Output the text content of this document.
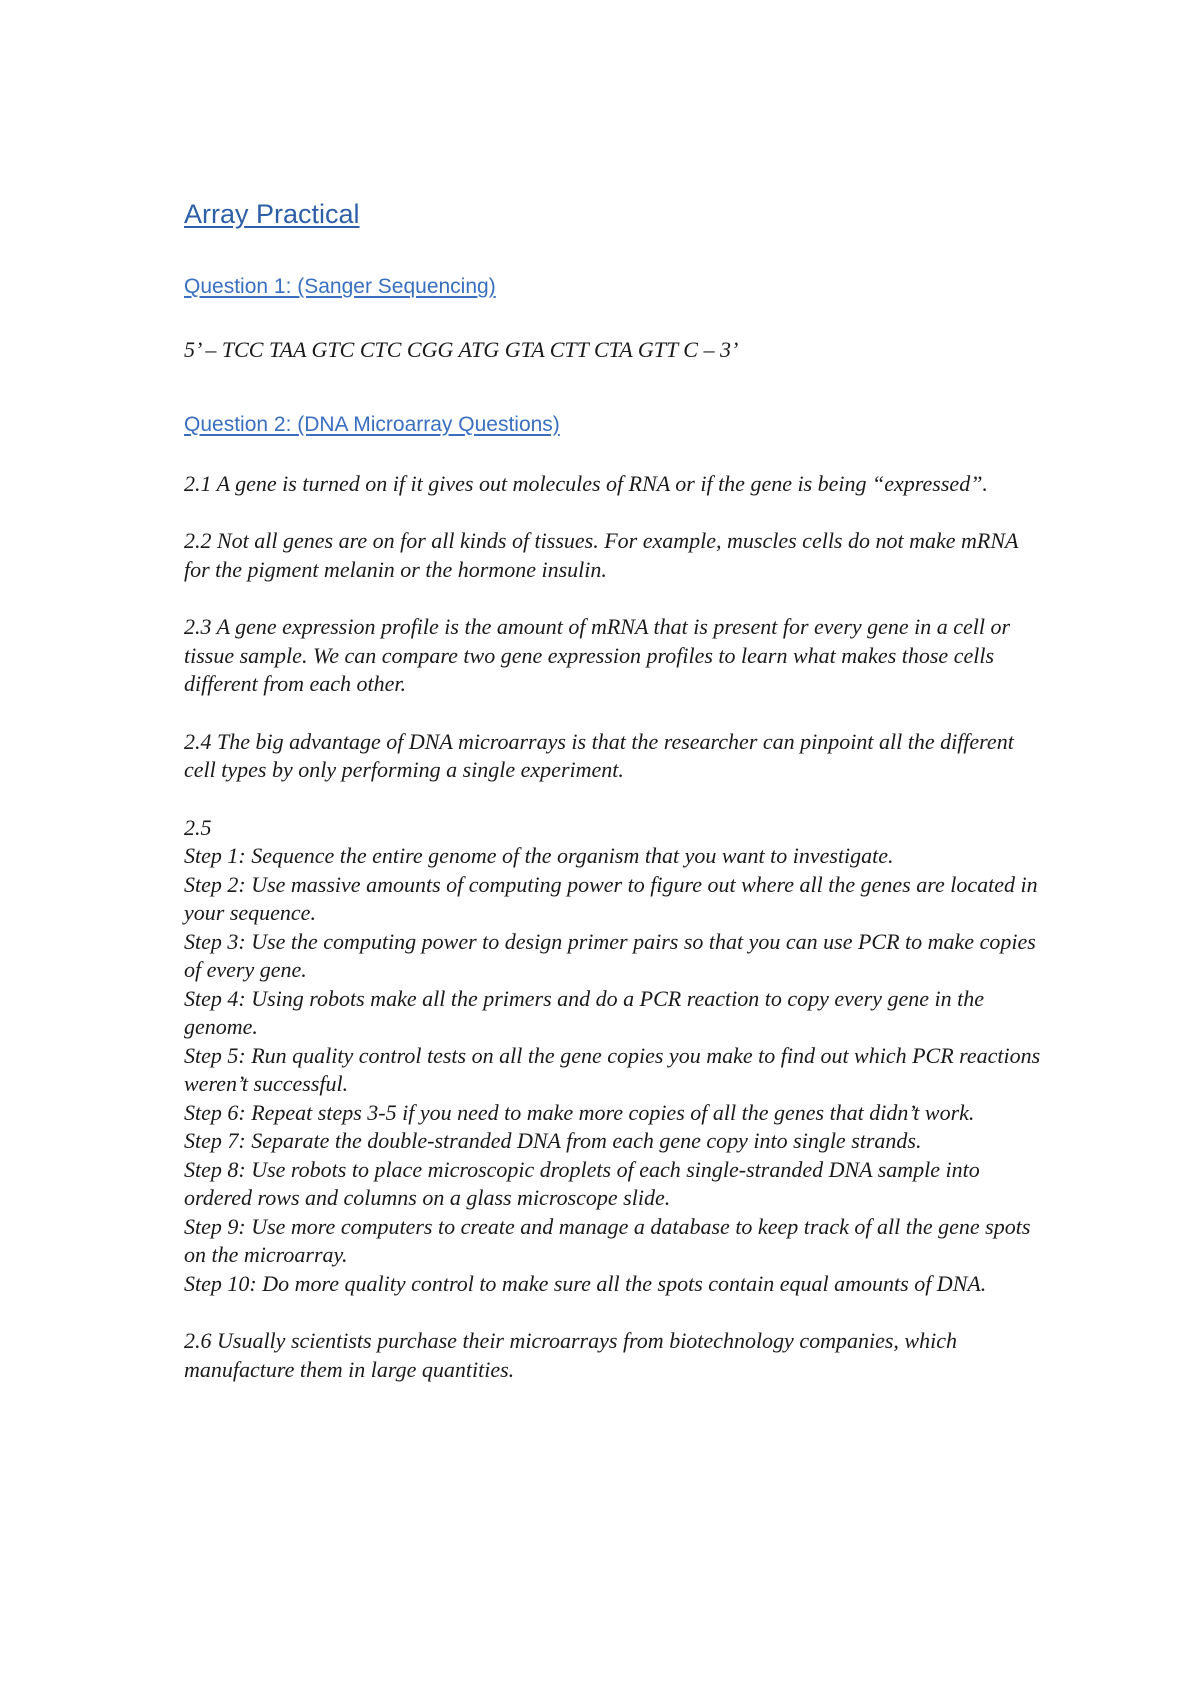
Array Practical
Question 1: (Sanger Sequencing)

5’ – TCC TAA GTC CTC CGG ATG GTA CTT CTA GTT C – 3’

Question 2: (DNA Microarray Questions)

2.1 A gene is turned on if it gives out molecules of RNA or if the gene is being “expressed”.

2.2 Not all genes are on for all kinds of tissues. For example, muscles cells do not make mRNA for the pigment melanin or the hormone insulin.

2.3 A gene expression profile is the amount of mRNA that is present for every gene in a cell or tissue sample. We can compare two gene expression profiles to learn what makes those cells different from each other.

2.4 The big advantage of DNA microarrays is that the researcher can pinpoint all the different cell types by only performing a single experiment.

2.5

Step 1: Sequence the entire genome of the organism that you want to investigate.

Step 2: Use massive amounts of computing power to figure out where all the genes are located in your sequence.

Step 3: Use the computing power to design primer pairs so that you can use PCR to make copies of every gene.

Step 4: Using robots make all the primers and do a PCR reaction to copy every gene in the genome.

Step 5: Run quality control tests on all the gene copies you make to find out which PCR reactions weren’t successful.

Step 6: Repeat steps 3-5 if you need to make more copies of all the genes that didn’t work.

Step 7: Separate the double-stranded DNA from each gene copy into single strands.

Step 8: Use robots to place microscopic droplets of each single-stranded DNA sample into ordered rows and columns on a glass microscope slide.

Step 9: Use more computers to create and manage a database to keep track of all the gene spots on the microarray.

Step 10: Do more quality control to make sure all the spots contain equal amounts of DNA.

2.6 Usually scientists purchase their microarrays from biotechnology companies, which manufacture them in large quantities.
